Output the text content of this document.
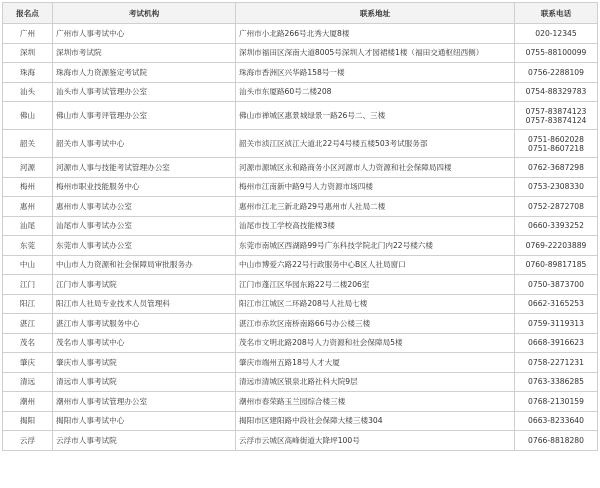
报名点	考试机构	联系地址	联系电话
广州	广州市人事考试中心	广州市小北路266号北秀大厦8楼	020-12345

深圳	深圳市考试院	深圳市福田区深南大道8005号深圳人才园裙楼1楼（福田交通枢纽西侧）	0755-88100099

珠海	珠海市人力资源鉴定考试院	珠海市香洲区兴华路158号一楼	0756-2288109

汕头	汕头市人事考试管理办公室	汕头市东厦路60号二楼208	0754-88329783

佛山	佛山市人事考评管理办公室	佛山市禅城区惠景城绿景一路26号二、三楼	0757-83874123
0757-83874124

韶关	韶关市人事考试中心	韶关市浈江区浈江大道北22号4号楼五楼503考试服务部	0751-8602028
0751-8607218

河源	河源市人事与技能考试管理办公室	河源市源城区永和路商务小区河源市人力资源和社会保障局四楼	0762-3687298

梅州	梅州市职业技能服务中心	梅州市江南新中路9号人力资源市场四楼	0753-2308330

惠州	惠州市人事考试办公室	惠州市江北三新北路29号惠州市人社局二楼	0752-2872708

汕尾	汕尾市人事考试办公室	汕尾市技工学校高技能楼3楼	0660-3393252

东莞	东莞市人事考试办公室	东莞市南城区西湖路99号广东科技学院北门内22号楼六楼	0769-22203889

中山	中山市人力资源和社会保障局审批服务办	中山市博爱六路22号行政服务中心B区人社局窗口	0760-89817185

江门	江门市人事考试院	江门市蓬江区华园东路22号二楼206室	0750-3873700

阳江	阳江市人社局专业技术人员管理科	阳江市江城区二环路208号人社局七楼	0662-3165253

湛江	湛江市人事考试服务中心	湛江市赤坎区南桥南路66号办公楼三楼	0759-3119313

茂名	茂名市人事考试中心	茂名市文明北路208号人力资源和社会保障局5楼	0668-3916623

肇庆	肇庆市人事考试院	肇庆市端州五路18号人才大厦	0758-2271231

清远	清远市人事考试院	清远市清城区银泉北路社科大院9层	0763-3386285

潮州	潮州市人事考试管理办公室	潮州市春荣路玉兰园综合楼三楼	0768-2130159

揭阳	揭阳市人事考试中心	揭阳市区建阳路中段社会保障大楼三楼304	0663-8233640

云浮	云浮市人事考试院	云浮市云城区高峰街道大降坪100号	0766-8818280
